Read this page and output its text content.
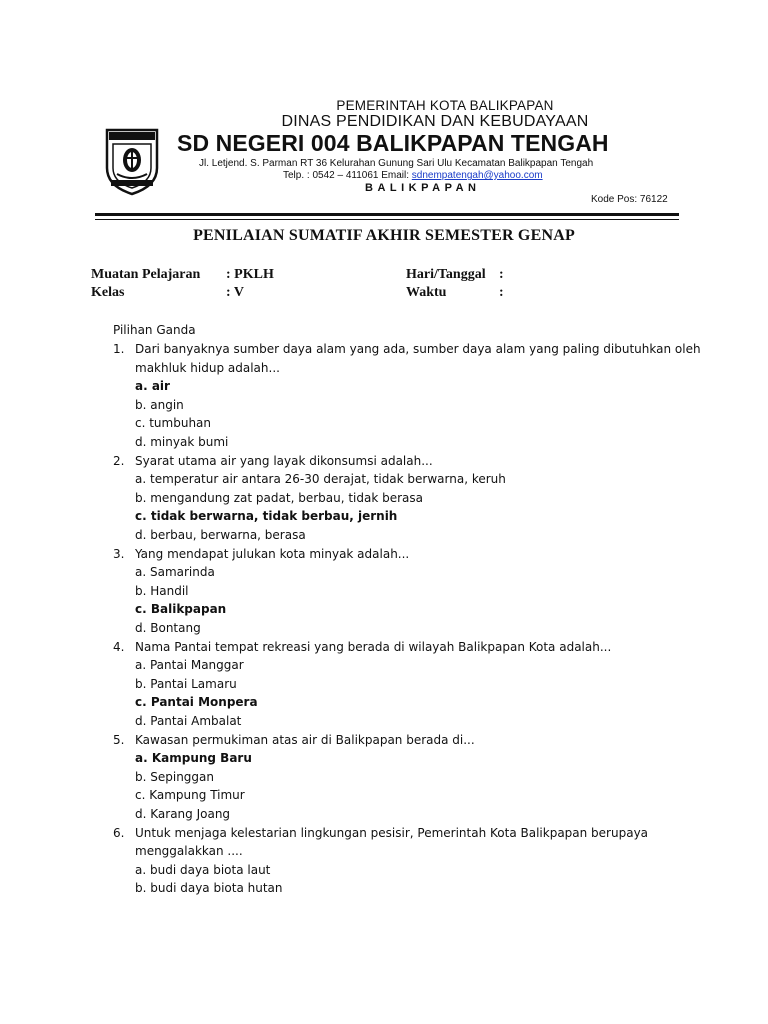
PEMERINTAH KOTA BALIKPAPAN
DINAS PENDIDIKAN DAN KEBUDAYAAN
SD NEGERI 004 BALIKPAPAN TENGAH
Jl. Letjend. S. Parman RT 36 Kelurahan Gunung Sari Ulu Kecamatan Balikpapan Tengah
Telp. : 0542 – 411061 Email: sdnempatengah@yahoo.com
BALIKPAPAN
Kode Pos: 76122
PENILAIAN SUMATIF AKHIR SEMESTER GENAP
Muatan Pelajaran : PKLH
Kelas	: V
Hari/Tanggal :
Waktu	:
Pilihan Ganda
1. Dari banyaknya sumber daya alam yang ada, sumber daya alam yang paling dibutuhkan oleh
makhluk hidup adalah...
a. air
b. angin
c. tumbuhan
d. minyak bumi
2. Syarat utama air yang layak dikonsumsi adalah...
a. temperatur air antara 26-30 derajat, tidak berwarna, keruh
b. mengandung zat padat, berbau, tidak berasa
c. tidak berwarna, tidak berbau, jernih
d. berbau, berwarna, berasa
3. Yang mendapat julukan kota minyak adalah...
a. Samarinda
b. Handil
c. Balikpapan
d. Bontang
4. Nama Pantai tempat rekreasi yang berada di wilayah Balikpapan Kota adalah...
a. Pantai Manggar
b. Pantai Lamaru
c. Pantai Monpera
d. Pantai Ambalat
5. Kawasan permukiman atas air di Balikpapan berada di...
a. Kampung Baru
b. Sepinggan
c. Kampung Timur
d. Karang Joang
6. Untuk menjaga kelestarian lingkungan pesisir, Pemerintah Kota Balikpapan berupaya
menggalakkan ....
a. budi daya biota laut
b. budi daya biota hutan
